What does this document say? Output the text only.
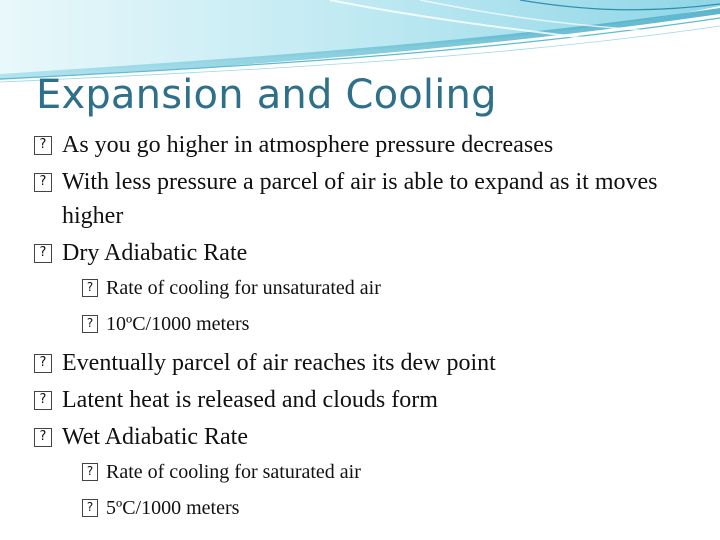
Expansion and Cooling
?
As you go higher in atmosphere pressure decreases
?
With less pressure a parcel of air is able to expand as it moves higher
?
Dry Adiabatic Rate
?
Rate of cooling for unsaturated air
?
10ºC/1000 meters
?
Eventually parcel of air reaches its dew point
?
Latent heat is released and clouds form
?
Wet Adiabatic Rate
?
Rate of cooling for saturated air
?
5ºC/1000 meters
